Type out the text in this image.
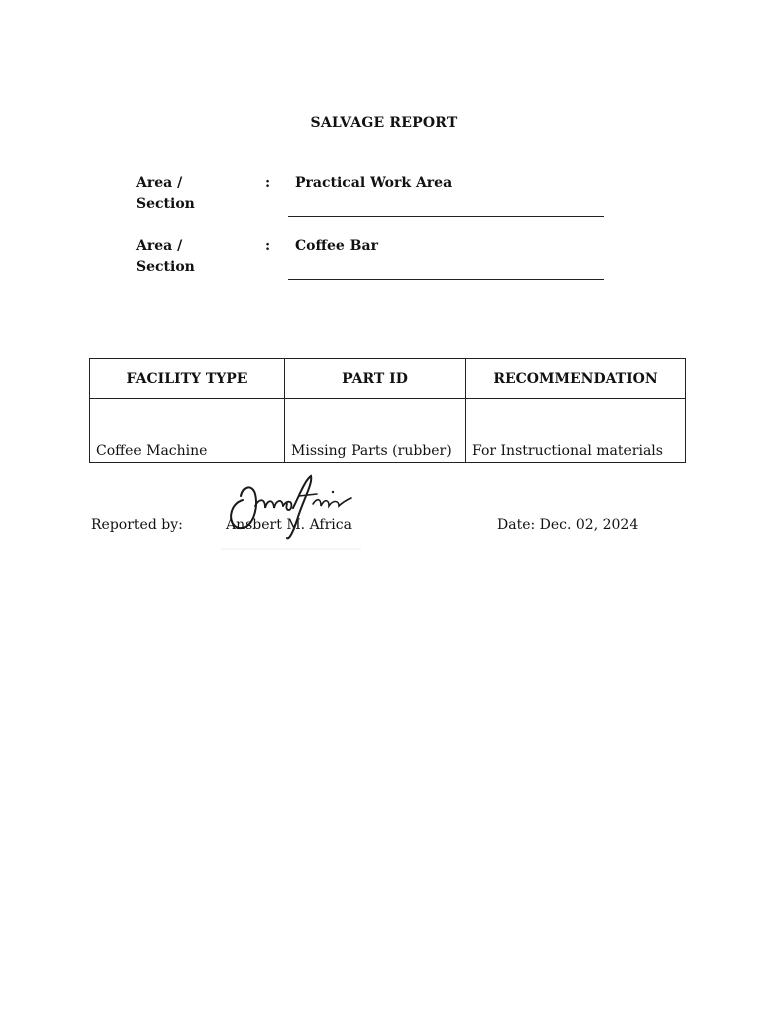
SALVAGE REPORT
Area /
Section
: Practical Work Area
Area /
Section
: Coffee Bar
FACILITY TYPE	PART ID	RECOMMENDATION
Coffee Machine	Missing Parts (rubber)	For Instructional materials
Reported by:	Ansbert M. Africa	Date: Dec. 02, 2024
